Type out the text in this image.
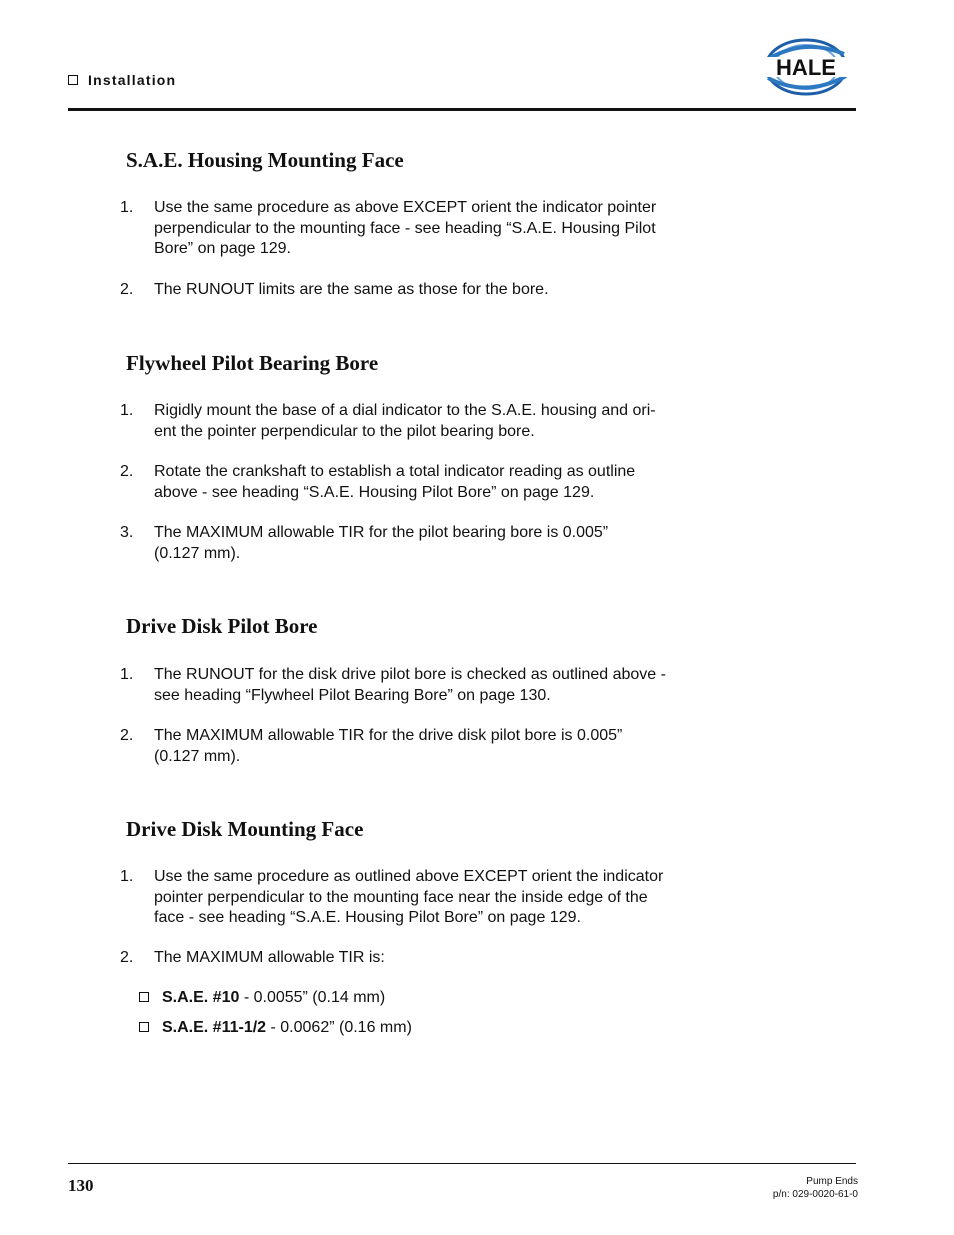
Installation	HALE
S.A.E. Housing Mounting Face
1. Use the same procedure as above EXCEPT orient the indicator pointer
perpendicular to the mounting face - see heading “S.A.E. Housing Pilot
Bore” on page 129.
2. The RUNOUT limits are the same as those for the bore.
Flywheel Pilot Bearing Bore
1. Rigidly mount the base of a dial indicator to the S.A.E. housing and ori-
ent the pointer perpendicular to the pilot bearing bore.
2. Rotate the crankshaft to establish a total indicator reading as outline
above - see heading “S.A.E. Housing Pilot Bore” on page 129.
3. The MAXIMUM allowable TIR for the pilot bearing bore is 0.005”
(0.127 mm).
Drive Disk Pilot Bore
1. The RUNOUT for the disk drive pilot bore is checked as outlined above -
see heading “Flywheel Pilot Bearing Bore” on page 130.
2. The MAXIMUM allowable TIR for the drive disk pilot bore is 0.005”
(0.127 mm).
Drive Disk Mounting Face
1. Use the same procedure as outlined above EXCEPT orient the indicator
pointer perpendicular to the mounting face near the inside edge of the
face - see heading “S.A.E. Housing Pilot Bore” on page 129.
2. The MAXIMUM allowable TIR is:
S.A.E. #10 - 0.0055” (0.14 mm)
S.A.E. #11-1/2 - 0.0062” (0.16 mm)
130	Pump Ends
p/n: 029-0020-61-0
